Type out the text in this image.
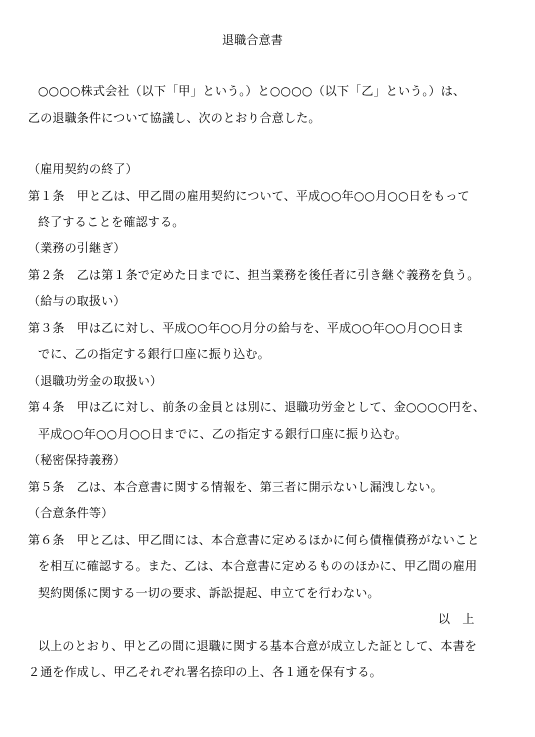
退職合意書
○○○○株式会社（以下「甲」という。）と○○○○（以下「乙」という。）は、
乙の退職条件について協議し、次のとおり合意した。
（雇用契約の終了）
第１条　甲と乙は、甲乙間の雇用契約について、平成○○年○○月○○日をもって
終了することを確認する。
（業務の引継ぎ）
第２条　乙は第１条で定めた日までに、担当業務を後任者に引き継ぐ義務を負う。
（給与の取扱い）
第３条　甲は乙に対し、平成○○年○○月分の給与を、平成○○年○○月○○日ま
でに、乙の指定する銀行口座に振り込む。
（退職功労金の取扱い）
第４条　甲は乙に対し、前条の金員とは別に、退職功労金として、金○○○○円を、
平成○○年○○月○○日までに、乙の指定する銀行口座に振り込む。
（秘密保持義務）
第５条　乙は、本合意書に関する情報を、第三者に開示ないし漏洩しない。
（合意条件等）
第６条　甲と乙は、甲乙間には、本合意書に定めるほかに何ら債権債務がないこと
を相互に確認する。また、乙は、本合意書に定めるもののほかに、甲乙間の雇用
契約関係に関する一切の要求、訴訟提起、申立てを行わない。
以　上
以上のとおり、甲と乙の間に退職に関する基本合意が成立した証として、本書を
２通を作成し、甲乙それぞれ署名捺印の上、各１通を保有する。
